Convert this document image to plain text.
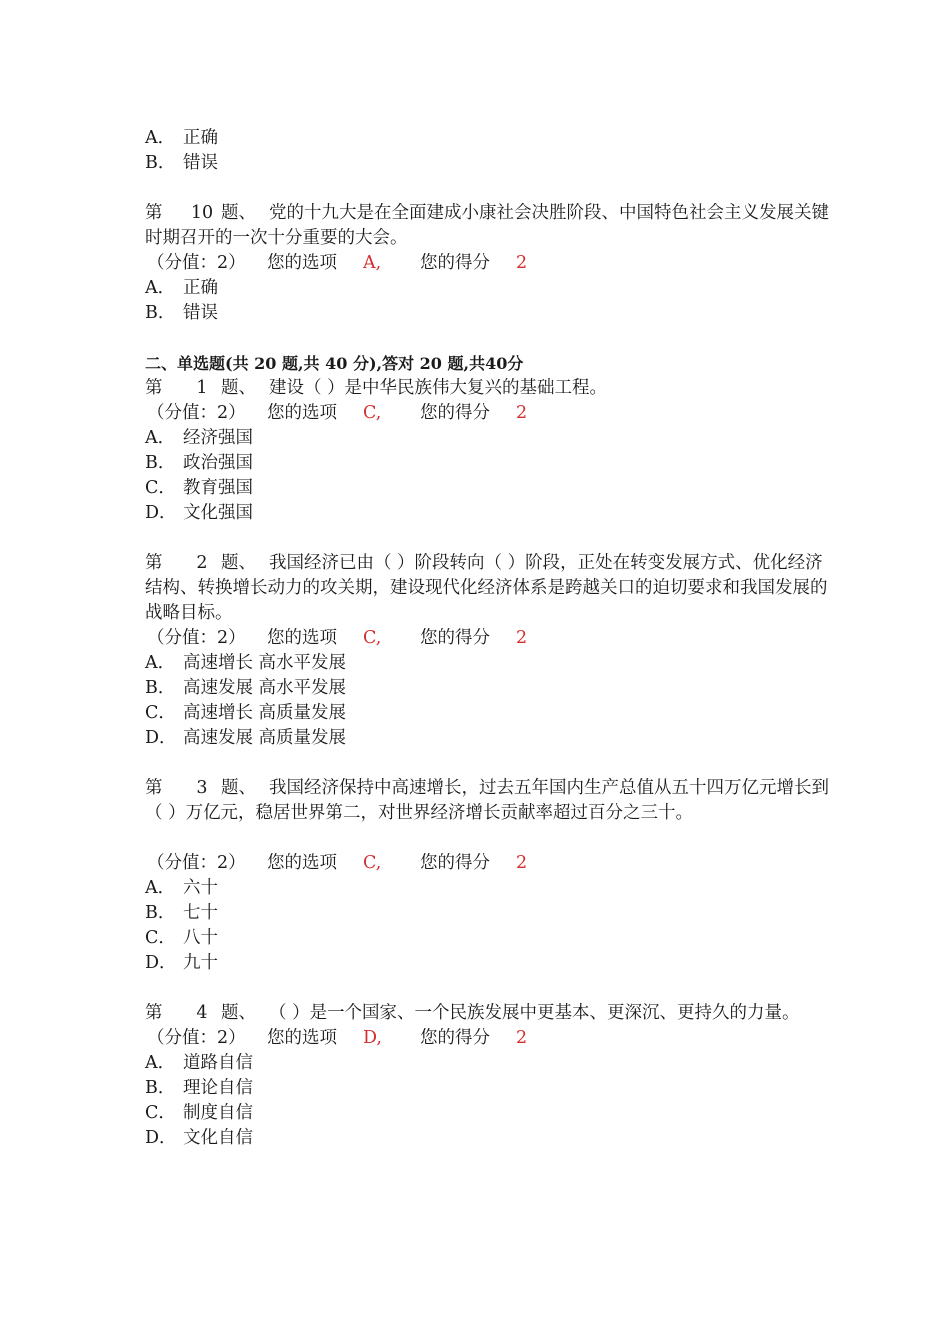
A． 正确
B． 错误
第 10 题、 党的十九大是在全面建成小康社会决胜阶段、中国特色社会主义发展关键时期召开的一次十分重要的大会。
（分值：2） 您的选项 A, 您的得分 2
A． 正确
B． 错误
二、单选题(共 20 题,共 40 分),答对 20 题,共40分
第 1 题、 建设（ ）是中华民族伟大复兴的基础工程。
（分值：2） 您的选项 C, 您的得分 2
A． 经济强国
B． 政治强国
C． 教育强国
D． 文化强国
第 2 题、 我国经济已由（ ）阶段转向（ ）阶段，正处在转变发展方式、优化经济结构、转换增长动力的攻关期，建设现代化经济体系是跨越关口的迫切要求和我国发展的战略目标。
（分值：2） 您的选项 C, 您的得分 2
A． 高速增长 高水平发展
B． 高速发展 高水平发展
C． 高速增长 高质量发展
D． 高速发展 高质量发展
第 3 题、 我国经济保持中高速增长，过去五年国内生产总值从五十四万亿元增长到（ ）万亿元，稳居世界第二，对世界经济增长贡献率超过百分之三十。
（分值：2） 您的选项 C, 您的得分 2
A． 六十
B． 七十
C． 八十
D． 九十
第 4 题、 （ ）是一个国家、一个民族发展中更基本、更深沉、更持久的力量。
（分值：2） 您的选项 D, 您的得分 2
A． 道路自信
B． 理论自信
C． 制度自信
D． 文化自信
